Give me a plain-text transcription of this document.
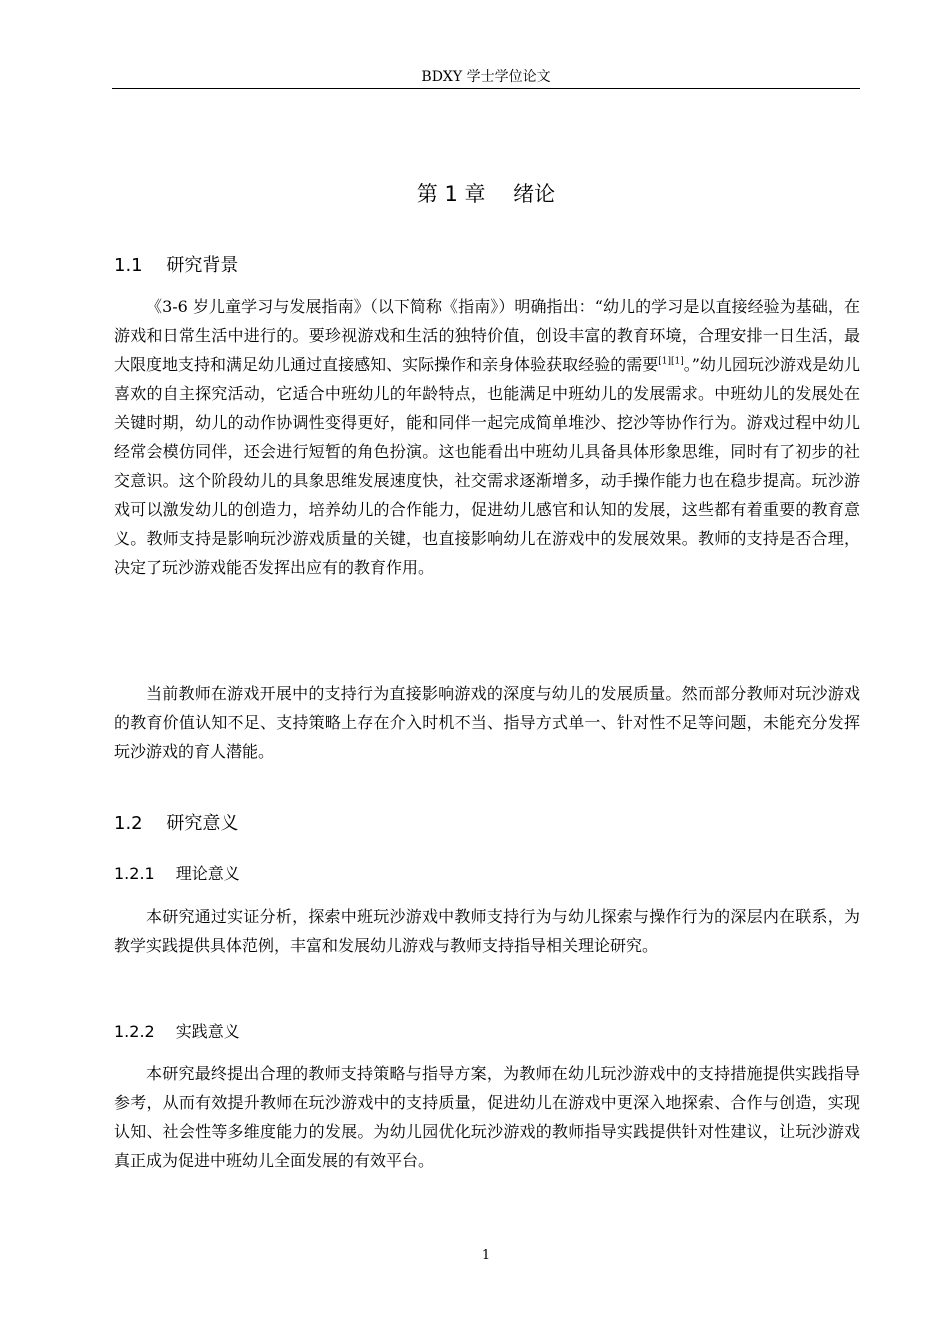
BDXY 学士学位论文
第 1 章　 绪论
1.1　 研究背景

《3-6 岁儿童学习与发展指南》（以下简称《指南》）明确指出：“幼儿的学习是以直接经验为基础，在游戏和日常生活中进行的。要珍视游戏和生活的独特价值，创设丰富的教育环境，合理安排一日生活，最大限度地支持和满足幼儿通过直接感知、实际操作和亲身体验获取经验的需要[1][1]。”幼儿园玩沙游戏是幼儿喜欢的自主探究活动，它适合中班幼儿的年龄特点，也能满足中班幼儿的发展需求。中班幼儿的发展处在关键时期，幼儿的动作协调性变得更好，能和同伴一起完成简单堆沙、挖沙等协作行为。游戏过程中幼儿经常会模仿同伴，还会进行短暂的角色扮演。这也能看出中班幼儿具备具体形象思维，同时有了初步的社交意识。这个阶段幼儿的具象思维发展速度快，社交需求逐渐增多，动手操作能力也在稳步提高。玩沙游戏可以激发幼儿的创造力，培养幼儿的合作能力，促进幼儿感官和认知的发展，这些都有着重要的教育意义。教师支持是影响玩沙游戏质量的关键，也直接影响幼儿在游戏中的发展效果。教师的支持是否合理，决定了玩沙游戏能否发挥出应有的教育作用。

当前教师在游戏开展中的支持行为直接影响游戏的深度与幼儿的发展质量。然而部分教师对玩沙游戏的教育价值认知不足、支持策略上存在介入时机不当、指导方式单一、针对性不足等问题，未能充分发挥玩沙游戏的育人潜能。

1.2　 研究意义
1.2.1　 理论意义

本研究通过实证分析，探索中班玩沙游戏中教师支持行为与幼儿探索与操作行为的深层内在联系，为教学实践提供具体范例，丰富和发展幼儿游戏与教师支持指导相关理论研究。

1.2.2　 实践意义

本研究最终提出合理的教师支持策略与指导方案，为教师在幼儿玩沙游戏中的支持措施提供实践指导参考，从而有效提升教师在玩沙游戏中的支持质量，促进幼儿在游戏中更深入地探索、合作与创造，实现认知、社会性等多维度能力的发展。为幼儿园优化玩沙游戏的教师指导实践提供针对性建议，让玩沙游戏真正成为促进中班幼儿全面发展的有效平台。

1
